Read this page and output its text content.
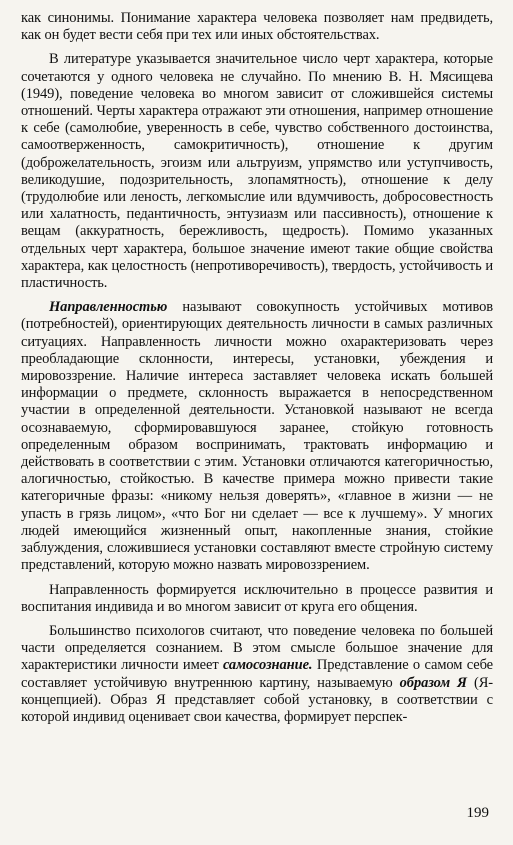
как синонимы. Понимание характера человека позволяет нам предвидеть, как он будет вести себя при тех или иных обстоятельствах.

В литературе указывается значительное число черт характера, которые сочетаются у одного человека не случайно. По мнению В. Н. Мясищева (1949), поведение человека во многом зависит от сложившейся системы отношений. Черты характера отражают эти отношения, например отношение к себе (самолюбие, уверенность в себе, чувство собственного достоинства, самоотверженность, самокритичность), отношение к другим (доброжелательность, эгоизм или альтруизм, упрямство или уступчивость, великодушие, подозрительность, злопамятность), отношение к делу (трудолюбие или леность, легкомыслие или вдумчивость, добросовестность или халатность, педантичность, энтузиазм или пассивность), отношение к вещам (аккуратность, бережливость, щедрость). Помимо указанных отдельных черт характера, большое значение имеют такие общие свойства характера, как целостность (непротиворечивость), твердость, устойчивость и пластичность.

Направленностью называют совокупность устойчивых мотивов (потребностей), ориентирующих деятельность личности в самых различных ситуациях. Направленность личности можно охарактеризовать через преобладающие склонности, интересы, установки, убеждения и мировоззрение. Наличие интереса заставляет человека искать большей информации о предмете, склонность выражается в непосредственном участии в определенной деятельности. Установкой называют не всегда осознаваемую, сформировавшуюся заранее, стойкую готовность определенным образом воспринимать, трактовать информацию и действовать в соответствии с этим. Установки отличаются категоричностью, алогичностью, стойкостью. В качестве примера можно привести такие категоричные фразы: «никому нельзя доверять», «главное в жизни — не упасть в грязь лицом», «что Бог ни сделает — все к лучшему». У многих людей имеющийся жизненный опыт, накопленные знания, стойкие заблуждения, сложившиеся установки составляют вместе стройную систему представлений, которую можно назвать мировоззрением.

Направленность формируется исключительно в процессе развития и воспитания индивида и во многом зависит от круга его общения.

Большинство психологов считают, что поведение человека по большей части определяется сознанием. В этом смысле большое значение для характеристики личности имеет самосознание. Представление о самом себе составляет устойчивую внутреннюю картину, называемую образом Я (Я-концепцией). Образ Я представляет собой установку, в соответствии с которой индивид оценивает свои качества, формирует перспек-

199
